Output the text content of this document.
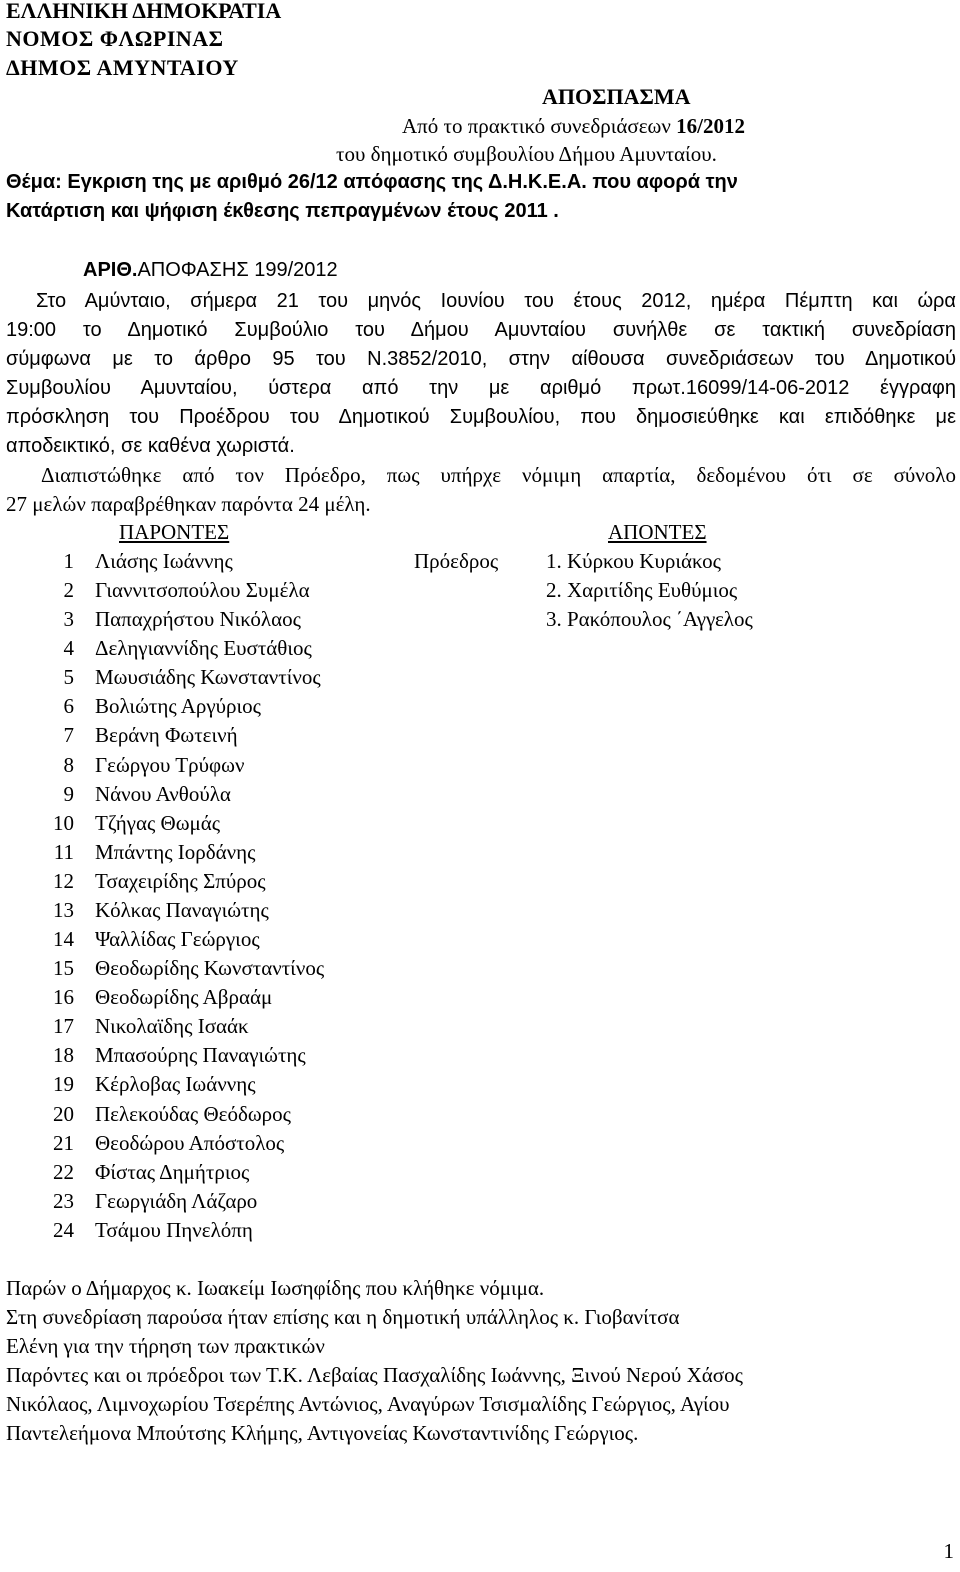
ΕΛΛΗΝΙΚΗ ΔΗΜΟΚΡΑΤΙΑ
ΝΟΜΟΣ ΦΛΩΡΙΝΑΣ
ΔΗΜΟΣ ΑΜΥΝΤΑΙΟΥ
ΑΠΟΣΠΑΣΜΑ
Από το πρακτικό συνεδριάσεων 16/2012
του δημοτικό συμβουλίου Δήμου Αμυνταίου.
Θέμα: Εγκριση της με αριθμό 26/12 απόφασης της Δ.Η.Κ.Ε.Α. που αφορά την
Κατάρτιση και ψήφιση έκθεσης πεπραγμένων έτους 2011 .
ΑΡΙΘ.ΑΠΟΦΑΣΗΣ 199/2012
Στο Αμύνταιο, σήμερα 21 του μηνός Ιουνίου του έτους 2012, ημέρα Πέμπτη και ώρα
19:00 το Δημοτικό Συμβούλιο του Δήμου Αμυνταίου συνήλθε σε τακτική συνεδρίαση
σύμφωνα με το άρθρο 95 του Ν.3852/2010, στην αίθουσα συνεδριάσεων του Δημοτικού
Συμβουλίου Αμυνταίου, ύστερα από την με αριθμό πρωτ.16099/14-06-2012 έγγραφη
πρόσκληση του Προέδρου του Δημοτικού Συμβουλίου, που δημοσιεύθηκε και επιδόθηκε με
αποδεικτικό, σε καθένα χωριστά.
Διαπιστώθηκε από τον Πρόεδρο, πως υπήρχε νόμιμη απαρτία, δεδομένου ότι σε σύνολο
27 μελών παραβρέθηκαν παρόντα 24 μέλη.
ΠΑΡΟΝΤΕΣ	ΑΠΟΝΤΕΣ
1 Λιάσης Ιωάννης	Πρόεδρος
2 Γιαννιτσοπούλου Συμέλα
3 Παπαχρήστου Νικόλαος
4 Δεληγιαννίδης Ευστάθιος
5 Μωυσιάδης Κωνσταντίνος
6 Βολιώτης Αργύριος
7 Βεράνη Φωτεινή
8 Γεώργου Τρύφων
9 Νάνου Ανθούλα
10 Τζήγας Θωμάς
11 Μπάντης Ιορδάνης
12 Τσαχειρίδης Σπύρος
13 Κόλκας Παναγιώτης
14 Ψαλλίδας Γεώργιος
15 Θεοδωρίδης Κωνσταντίνος
16 Θεοδωρίδης Αβραάμ
17 Νικολαϊδης Ισαάκ
18 Μπασούρης Παναγιώτης
19 Κέρλοβας Ιωάννης
20 Πελεκούδας Θεόδωρος
21 Θεοδώρου Απόστολος
22 Φίστας Δημήτριος
23 Γεωργιάδη Λάζαρο
24 Τσάμου Πηνελόπη
1. Κύρκου Κυριάκος
2. Χαριτίδης Ευθύμιος
3. Ρακόπουλος ΄Αγγελος
Παρών ο Δήμαρχος κ. Ιωακείμ Ιωσηφίδης που κλήθηκε νόμιμα.
Στη συνεδρίαση παρούσα ήταν επίσης και η δημοτική υπάλληλος κ. Γιοβανίτσα
Ελένη για την τήρηση των πρακτικών
Παρόντες και οι πρόεδροι των Τ.Κ. Λεβαίας Πασχαλίδης Ιωάννης, Ξινού Νερού Χάσος
Νικόλαος, Λιμνοχωρίου Τσερέπης Αντώνιος, Αναγύρων Τσισμαλίδης Γεώργιος, Αγίου
Παντελεήμονα Μπούτσης Κλήμης, Αντιγονείας Κωνσταντινίδης Γεώργιος.
1
